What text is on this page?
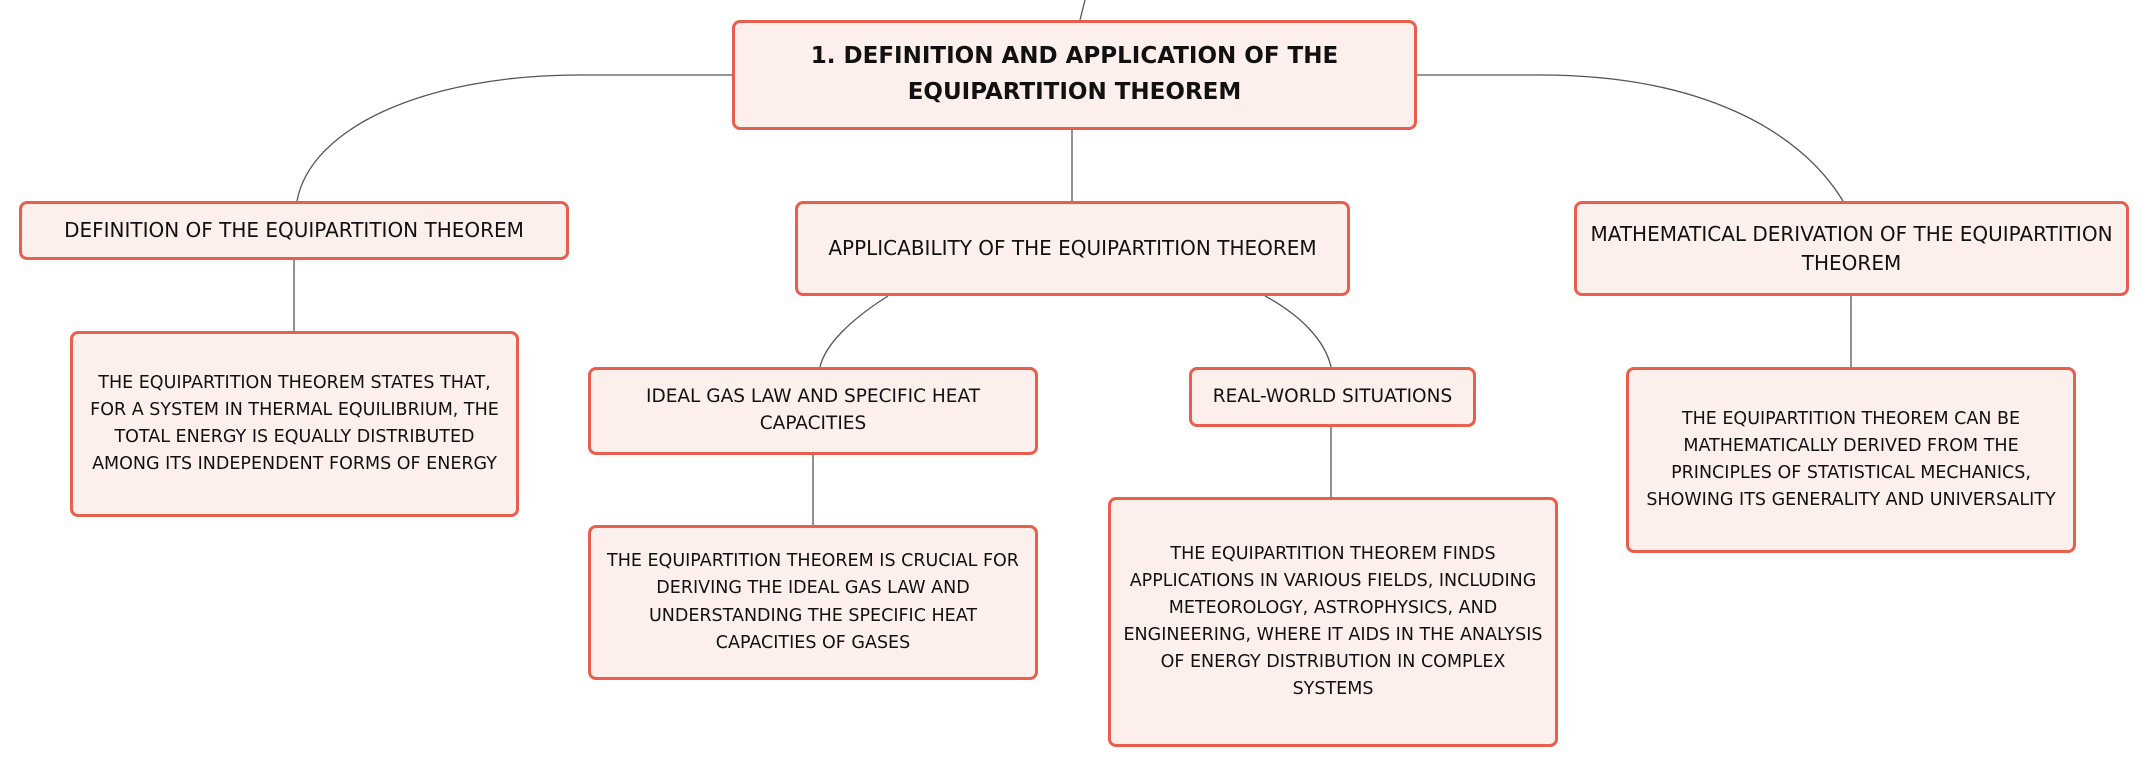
1. DEFINITION AND APPLICATION OF THE EQUIPARTITION THEOREM
DEFINITION OF THE EQUIPARTITION THEOREM
THE EQUIPARTITION THEOREM STATES THAT, FOR A SYSTEM IN THERMAL EQUILIBRIUM, THE TOTAL ENERGY IS EQUALLY DISTRIBUTED AMONG ITS INDEPENDENT FORMS OF ENERGY
APPLICABILITY OF THE EQUIPARTITION THEOREM
IDEAL GAS LAW AND SPECIFIC HEAT CAPACITIES
THE EQUIPARTITION THEOREM IS CRUCIAL FOR DERIVING THE IDEAL GAS LAW AND UNDERSTANDING THE SPECIFIC HEAT CAPACITIES OF GASES
REAL-WORLD SITUATIONS
THE EQUIPARTITION THEOREM FINDS APPLICATIONS IN VARIOUS FIELDS, INCLUDING METEOROLOGY, ASTROPHYSICS, AND ENGINEERING, WHERE IT AIDS IN THE ANALYSIS OF ENERGY DISTRIBUTION IN COMPLEX SYSTEMS
MATHEMATICAL DERIVATION OF THE EQUIPARTITION THEOREM
THE EQUIPARTITION THEOREM CAN BE MATHEMATICALLY DERIVED FROM THE PRINCIPLES OF STATISTICAL MECHANICS, SHOWING ITS GENERALITY AND UNIVERSALITY
